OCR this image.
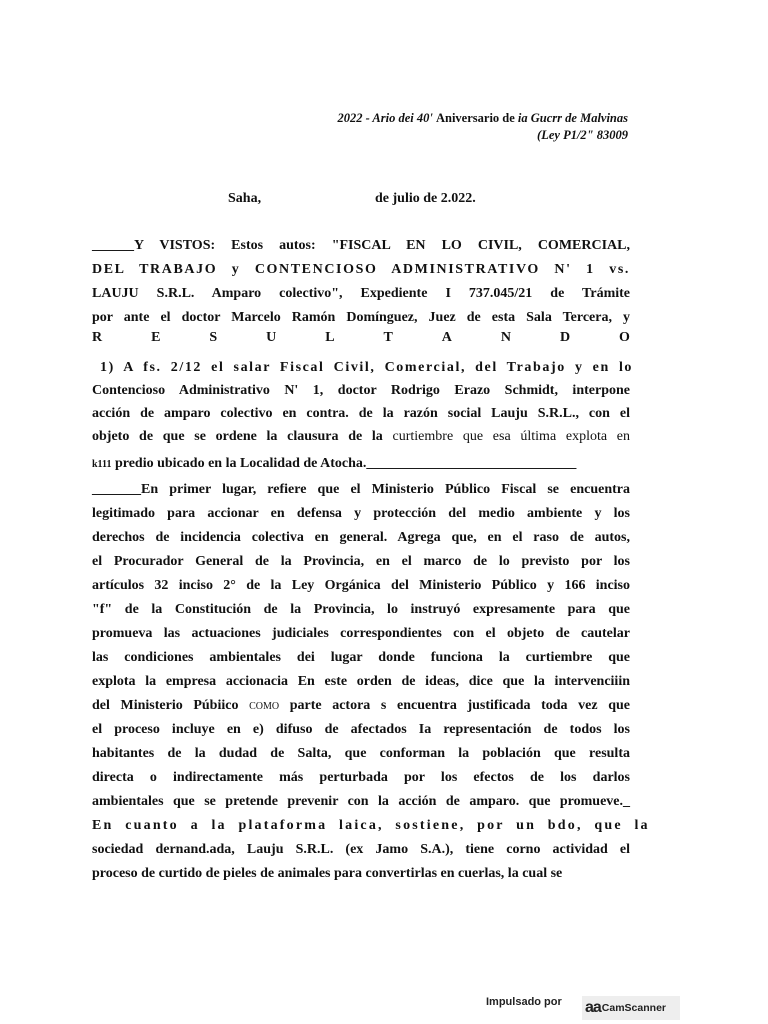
2022 - Ario dei 40' Aniversario de ia Gucrr de Malvinas
(Ley P1/2" 83009
Saha,	de julio de 2.022.
______Y VISTOS: Estos autos: "FISCAL EN LO CIVIL, COMERCIAL,
DEL TRABAJO y CONTENCIOSO ADMINISTRATIVO N' 1 vs.
LAUJU S.R.L. Amparo colectivo", Expediente I 737.045/21 de Trámite
por ante el doctor Marcelo Ramón Domínguez, Juez de esta Sala Tercera, y
R	E	S	U	L	T	A	N	D	O
1) A fs. 2/12 el salar Fiscal Civil, Comercial, del Trabajo y en lo
Contencioso Administrativo N' 1, doctor Rodrigo Erazo Schmidt, interpone
acción de amparo colectivo en contra. de la razón social Lauju S.R.L., con el
objeto de que se ordene la clausura de la curtiembre que esa última explota en
k111 predio ubicado en la Localidad de Atocha.______________________________
_______En primer lugar, refiere que el Ministerio Público Fiscal se encuentra
legitimado para accionar en defensa y protección del medio ambiente y los
derechos de incidencia colectiva en general. Agrega que, en el raso de autos,
el Procurador General de la Provincia, en el marco de lo previsto por los
artículos 32 inciso 2° de la Ley Orgánica del Ministerio Público y 166 inciso
"f" de la Constitución de la Provincia, lo instruyó expresamente para que
promueva las actuaciones judiciales correspondientes con el objeto de cautelar
las condiciones ambientales dei lugar donde funciona la curtiembre que
explota la empresa accionacia En este orden de ideas, dice que la intervenciiin
del Ministerio Púbiico COMO parte actora s encuentra justificada toda vez que
el proceso incluye en e) difuso de afectados Ia representación de todos los
habitantes de la dudad de Salta, que conforman la población que resulta
directa o indirectamente más perturbada por los efectos de los darlos
ambientales que se pretende prevenir con la acción de amparo. que promueve._
En cuanto a la plataforma laica, sostiene, por un bdo, que la
sociedad dernand.ada, Lauju S.R.L. (ex Jamo S.A.), tiene corno actividad el
proceso de curtido de pieles de animales para convertirlas en cuerlas, la cual se
Impulsado por aa CamScanner
